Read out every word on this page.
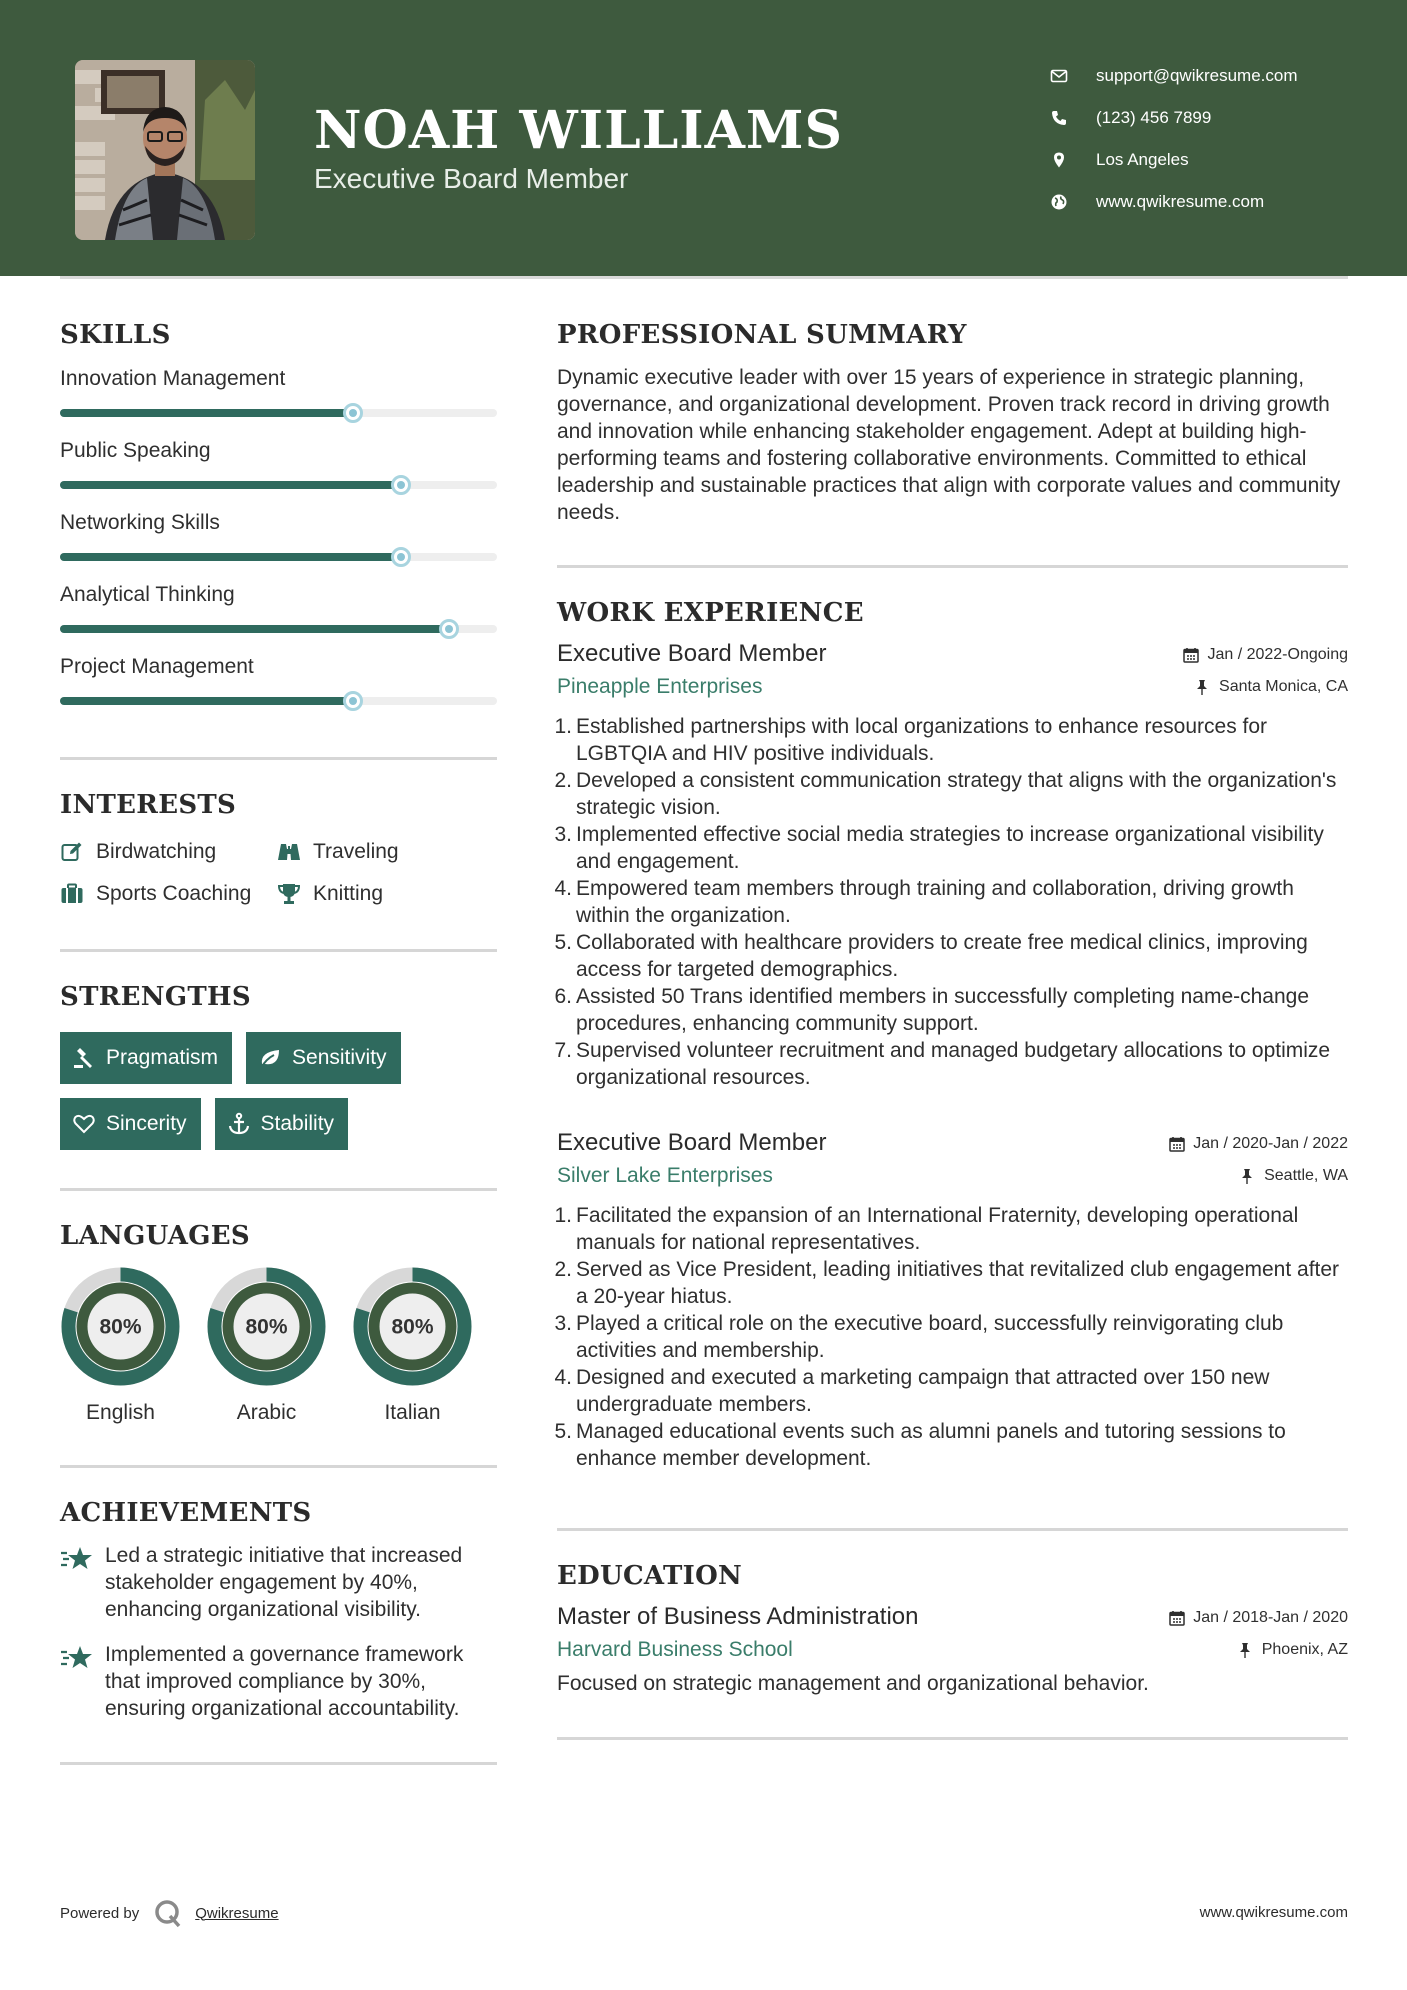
NOAH WILLIAMS
Executive Board Member
support@qwikresume.com
(123) 456 7899
Los Angeles
www.qwikresume.com
SKILLS
Innovation Management
Public Speaking
Networking Skills
Analytical Thinking
Project Management
INTERESTS
Birdwatching	Traveling
Sports Coaching	Knitting
STRENGTHS
Pragmatism	Sensitivity
Sincerity	Stability
LANGUAGES
80%
English
80%
Arabic
80%
Italian
ACHIEVEMENTS
Led a strategic initiative that increased stakeholder engagement by 40%, enhancing organizational visibility.
Implemented a governance framework that improved compliance by 30%, ensuring organizational accountability.
PROFESSIONAL SUMMARY

Dynamic executive leader with over 15 years of experience in strategic planning, governance, and organizational development. Proven track record in driving growth and innovation while enhancing stakeholder engagement. Adept at building high-performing teams and fostering collaborative environments. Committed to ethical leadership and sustainable practices that align with corporate values and community needs.

WORK EXPERIENCE
Executive Board Member	Jan / 2022-Ongoing
Pineapple Enterprises	Santa Monica, CA
1. Established partnerships with local organizations to enhance resources for LGBTQIA and HIV positive individuals.
2. Developed a consistent communication strategy that aligns with the organization's strategic vision.
3. Implemented effective social media strategies to increase organizational visibility and engagement.
4. Empowered team members through training and collaboration, driving growth within the organization.
5. Collaborated with healthcare providers to create free medical clinics, improving access for targeted demographics.
6. Assisted 50 Trans identified members in successfully completing name-change procedures, enhancing community support.
7. Supervised volunteer recruitment and managed budgetary allocations to optimize organizational resources.
Executive Board Member	Jan / 2020-Jan / 2022
Silver Lake Enterprises	Seattle, WA
1. Facilitated the expansion of an International Fraternity, developing operational manuals for national representatives.
2. Served as Vice President, leading initiatives that revitalized club engagement after a 20-year hiatus.
3. Played a critical role on the executive board, successfully reinvigorating club activities and membership.
4. Designed and executed a marketing campaign that attracted over 150 new undergraduate members.
5. Managed educational events such as alumni panels and tutoring sessions to enhance member development.
EDUCATION
Master of Business Administration	Jan / 2018-Jan / 2020
Harvard Business School	Phoenix, AZ

Focused on strategic management and organizational behavior.

Powered by	Qwikresume	www.qwikresume.com
